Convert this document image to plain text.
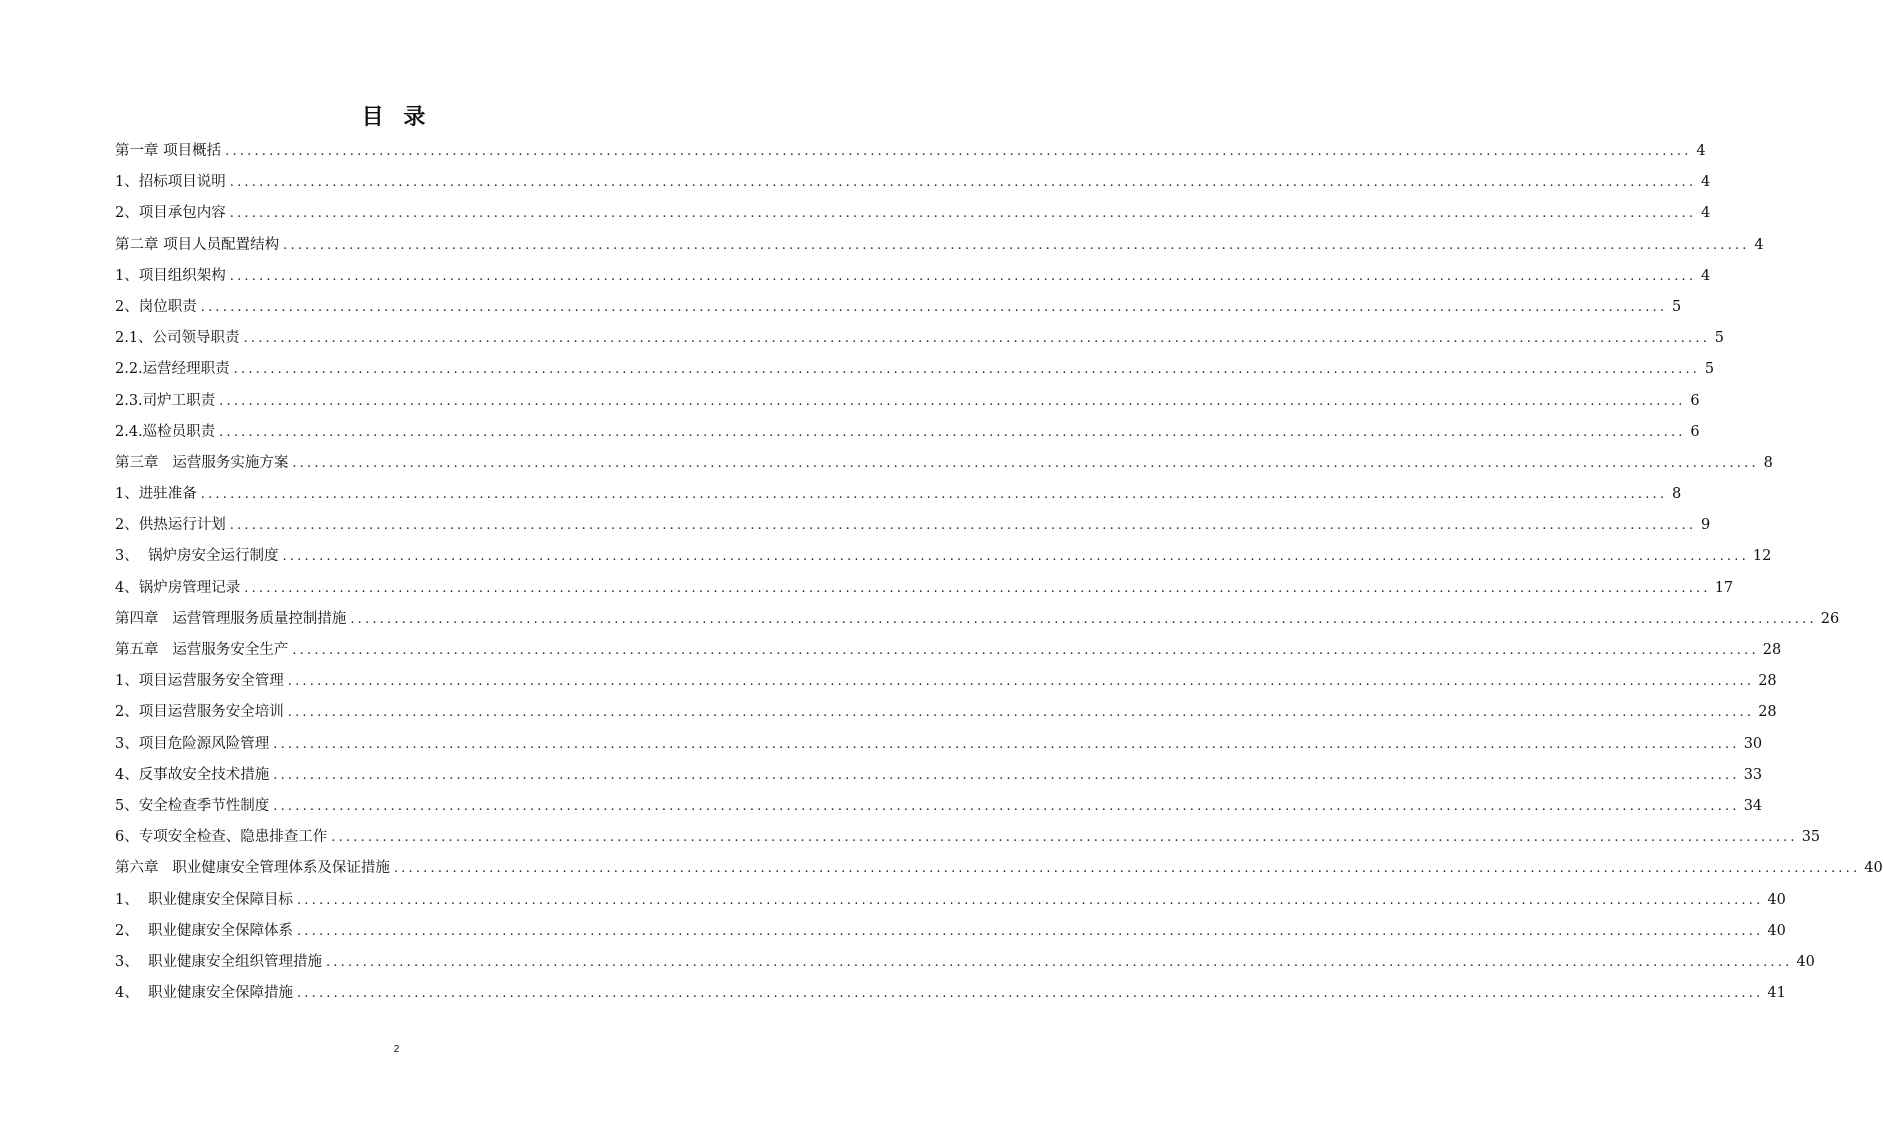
目 录
第一章 项目概括 ........................................................................................................................................................................................................ 4
1、招标项目说明 ........................................................................................................................................................................................................ 4
2、项目承包内容 ........................................................................................................................................................................................................ 4
第二章 项目人员配置结构 ........................................................................................................................................................................................................ 4
1、项目组织架构 ........................................................................................................................................................................................................ 4
2、岗位职责 ........................................................................................................................................................................................................ 5
2.1、公司领导职责 ........................................................................................................................................................................................................ 5
2.2.运营经理职责 ........................................................................................................................................................................................................ 5
2.3.司炉工职责 ........................................................................................................................................................................................................ 6
2.4.巡检员职责 ........................................................................................................................................................................................................ 6
第三章   运营服务实施方案 ........................................................................................................................................................................................................ 8
1、进驻准备 ........................................................................................................................................................................................................ 8
2、供热运行计划 ........................................................................................................................................................................................................ 9
3、  锅炉房安全运行制度 ........................................................................................................................................................................................................ 12
4、锅炉房管理记录 ........................................................................................................................................................................................................ 17
第四章   运营管理服务质量控制措施 ........................................................................................................................................................................................................ 26
第五章   运营服务安全生产 ........................................................................................................................................................................................................ 28
1、项目运营服务安全管理 ........................................................................................................................................................................................................ 28
2、项目运营服务安全培训 ........................................................................................................................................................................................................ 28
3、项目危险源风险管理 ........................................................................................................................................................................................................ 30
4、反事故安全技术措施 ........................................................................................................................................................................................................ 33
5、安全检查季节性制度 ........................................................................................................................................................................................................ 34
6、专项安全检查、隐患排查工作 ........................................................................................................................................................................................................ 35
第六章   职业健康安全管理体系及保证措施 ........................................................................................................................................................................................................ 40
1、  职业健康安全保障目标 ........................................................................................................................................................................................................ 40
2、  职业健康安全保障体系 ........................................................................................................................................................................................................ 40
3、  职业健康安全组织管理措施 ........................................................................................................................................................................................................ 40
4、  职业健康安全保障措施 ........................................................................................................................................................................................................ 41
2
